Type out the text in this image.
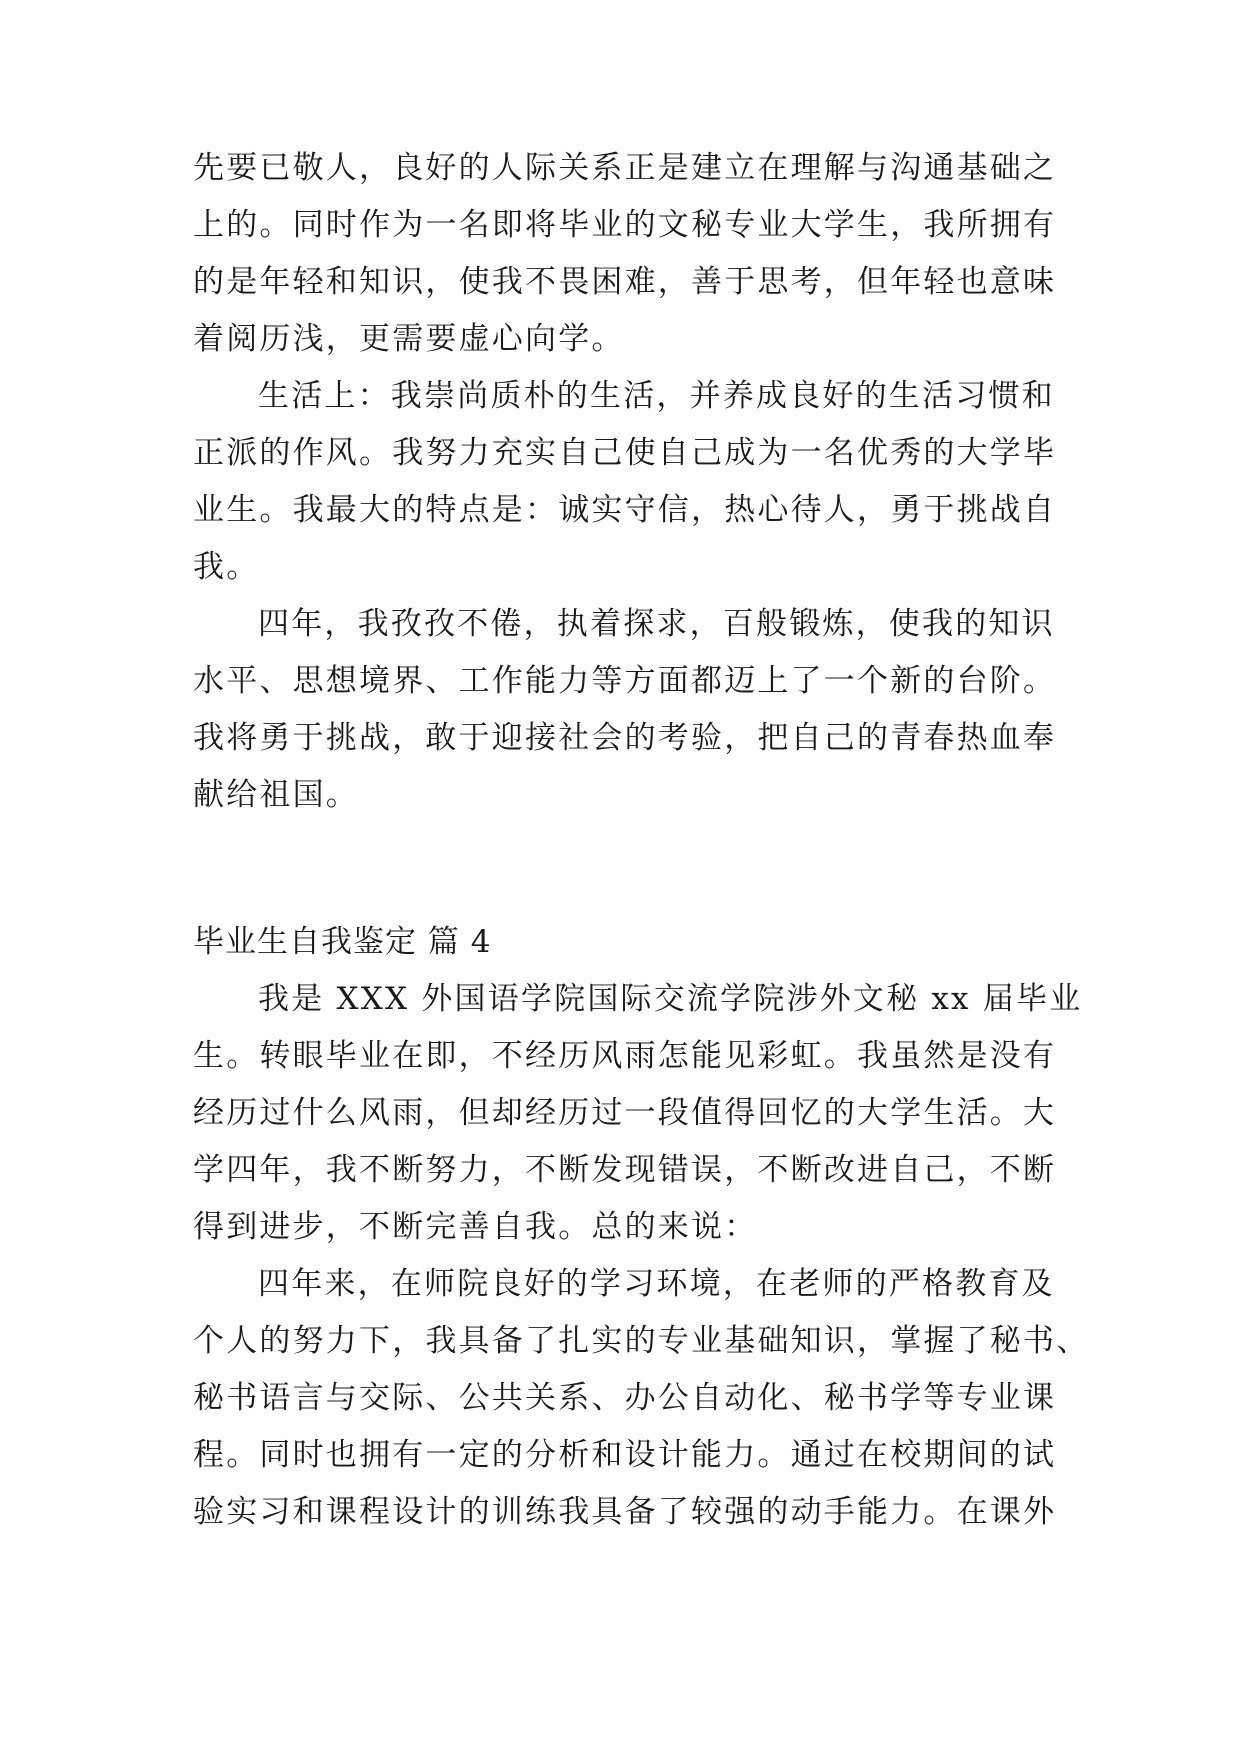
先要已敬人，良好的人际关系正是建立在理解与沟通基础之
上的。同时作为一名即将毕业的文秘专业大学生，我所拥有
的是年轻和知识，使我不畏困难，善于思考，但年轻也意味
着阅历浅，更需要虚心向学。
生活上：我崇尚质朴的生活，并养成良好的生活习惯和
正派的作风。我努力充实自己使自己成为一名优秀的大学毕
业生。我最大的特点是：诚实守信，热心待人，勇于挑战自
我。
四年，我孜孜不倦，执着探求，百般锻炼，使我的知识
水平、思想境界、工作能力等方面都迈上了一个新的台阶。
我将勇于挑战，敢于迎接社会的考验，把自己的青春热血奉
献给祖国。
毕业生自我鉴定 篇 4
我是 XXX 外国语学院国际交流学院涉外文秘 xx 届毕业
生。转眼毕业在即，不经历风雨怎能见彩虹。我虽然是没有
经历过什么风雨，但却经历过一段值得回忆的大学生活。大
学四年，我不断努力，不断发现错误，不断改进自己，不断
得到进步，不断完善自我。总的来说：
四年来，在师院良好的学习环境，在老师的严格教育及
个人的努力下，我具备了扎实的专业基础知识，掌握了秘书、
秘书语言与交际、公共关系、办公自动化、秘书学等专业课
程。同时也拥有一定的分析和设计能力。通过在校期间的试
验实习和课程设计的训练我具备了较强的动手能力。在课外
